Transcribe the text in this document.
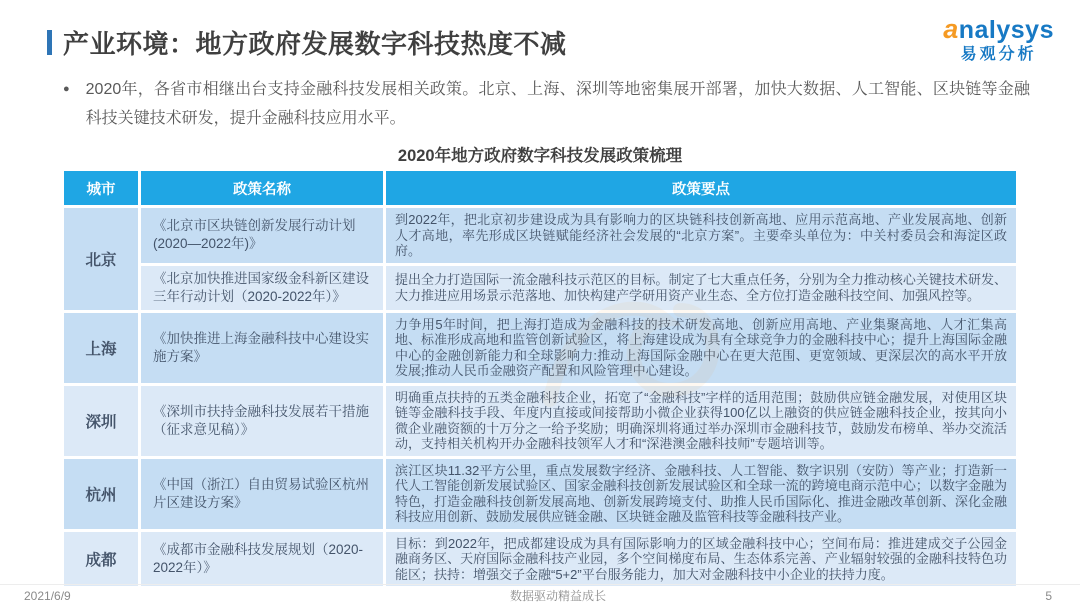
产业环境：地方政府发展数字科技热度不减	analysys
易观分析
● 2020年，各省市相继出台支持金融科技发展相关政策。北京、上海、深圳等地密集展开部署，加快大数据、人工智能、区块链等金融科技关键技术研发，提升金融科技应用水平。
2020年地方政府数字科技发展政策梳理
城市	政策名称	政策要点
北京	《北京市区块链创新发展行动计划(2020—2022年)》	到2022年，把北京初步建设成为具有影响力的区块链科技创新高地、应用示范高地、产业发展高地、创新人才高地，率先形成区块链赋能经济社会发展的“北京方案”。主要牵头单位为：中关村委员会和海淀区政府。
	《北京加快推进国家级金科新区建设三年行动计划（2020-2022年）》	提出全力打造国际一流金融科技示范区的目标。制定了七大重点任务，分别为全力推动核心关键技术研发、大力推进应用场景示范落地、加快构建产学研用资产业生态、全方位打造金融科技空间、加强风控等。
上海	《加快推进上海金融科技中心建设实施方案》	力争用5年时间，把上海打造成为金融科技的技术研发高地、创新应用高地、产业集聚高地、人才汇集高地、标准形成高地和监管创新试验区，将上海建设成为具有全球竞争力的金融科技中心；提升上海国际金融中心的金融创新能力和全球影响力:推动上海国际金融中心在更大范围、更宽领域、更深层次的高水平开放发展;推动人民币金融资产配置和风险管理中心建设。
深圳	《深圳市扶持金融科技发展若干措施（征求意见稿）》	明确重点扶持的五类金融科技企业，拓宽了“金融科技”字样的适用范围；鼓励供应链金融发展，对使用区块链等金融科技手段、年度内直接或间接帮助小微企业获得100亿以上融资的供应链金融科技企业，按其向小微企业融资额的十万分之一给予奖励；明确深圳将通过举办深圳市金融科技节，鼓励发布榜单、举办交流活动，支持相关机构开办金融科技领军人才和“深港澳金融科技师”专题培训等。
杭州	《中国（浙江）自由贸易试验区杭州片区建设方案》	滨江区块11.32平方公里，重点发展数字经济、金融科技、人工智能、数字识别（安防）等产业；打造新一代人工智能创新发展试验区、国家金融科技创新发展试验区和全球一流的跨境电商示范中心；以数字金融为特色，打造金融科技创新发展高地、创新发展跨境支付、助推人民币国际化、推进金融改革创新、深化金融科技应用创新、鼓励发展供应链金融、区块链金融及监管科技等金融科技产业。
成都	《成都市金融科技发展规划（2020-2022年）》	目标：到2022年，把成都建设成为具有国际影响力的区域金融科技中心；空间布局：推进建成交子公园金融商务区、天府国际金融科技产业园，多个空间梯度布局、生态体系完善、产业辐射较强的金融科技特色功能区；扶持：增强交子金融“5+2”平台服务能力，加大对金融科技中小企业的扶持力度。
2021/6/9	数据驱动精益成长	5
